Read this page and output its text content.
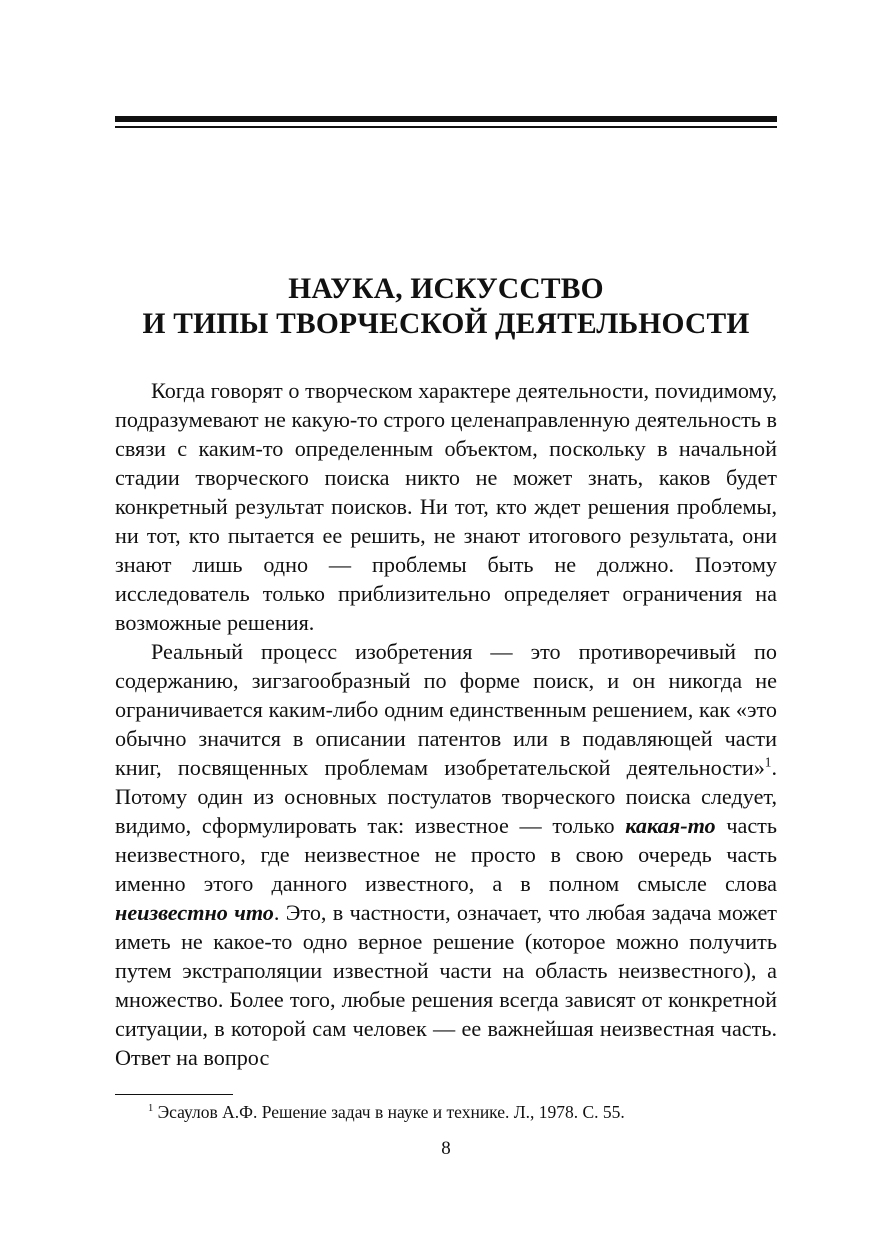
НАУКА, ИСКУССТВО
И ТИПЫ ТВОРЧЕСКОЙ ДЕЯТЕЛЬНОСТИ

Когда говорят о творческом характере деятельности, поvидимому, подразумевают не какую-то строго целенаправленную деятельность в связи с каким-то определенным объектом, поскольку в начальной стадии творческого поиска никто не может знать, каков будет конкретный результат поисков. Ни тот, кто ждет решения проблемы, ни тот, кто пытается ее решить, не знают итогового результата, они знают лишь одно — проблемы быть не должно. Поэтому исследователь только приблизительно определяет ограничения на возможные решения.

Реальный процесс изобретения — это противоречивый по содержанию, зигзагообразный по форме поиск, и он никогда не ограничивается каким-либо одним единственным решением, как «это обычно значится в описании патентов или в подавляющей части книг, посвященных проблемам изобретательской деятельности»$^1$. Потому один из основных постулатов творческого поиска следует, видимо, сформулировать так: известное — только какая-то часть неизвестного, где неизвестное не просто в свою очередь часть именно этого данного известного, а в полном смысле слова неизвестно что. Это, в частности, означает, что любая задача может иметь не какое-то одно верное решение (которое можно получить путем экстраполяции известной части на область неизвестного), а множество. Более того, любые решения всегда зависят от конкретной ситуации, в которой сам человек — ее важнейшая неизвестная часть. Ответ на вопрос

$^1$ Эсаулов А.Ф. Решение задач в науке и технике. Л., 1978. С. 55.
8
